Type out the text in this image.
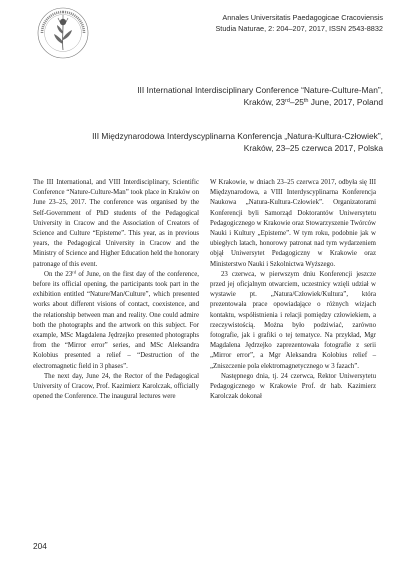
Annales Universitatis Paedagogicae Cracoviensis
Studia Naturae, 2: 204–207, 2017, ISSN 2543-8832
III International Interdisciplinary Conference “Nature-Culture-Man”,
Kraków, 23rd–25th June, 2017, Poland
III Międzynarodowa Interdyscyplinarna Konferencja „Natura-Kultura-Człowiek”,
Kraków, 23–25 czerwca 2017, Polska

The III International, and VIII Interdisciplinary, Scientific Conference “Nature-Culture-Man” took place in Kraków on June 23–25, 2017. The conference was organised by the Self-Government of PhD students of the Pedagogical University in Cracow and the Association of Creators of Science and Culture “Episteme”. This year, as in previous years, the Pedagogical University in Cracow and the Ministry of Science and Higher Education held the honorary patronage of this event.

On the 23rd of June, on the first day of the conference, before its official opening, the participants took part in the exhibition entitled “Nature/Man/Culture”, which presented works about different visions of contact, coexistence, and the relationship between man and reality. One could admire both the photographs and the artwork on this subject. For example, MSc Magdalena Jędrzejko presented photographs from the “Mirror error” series, and MSc Aleksandra Kolobius presented a relief – “Destruction of the electromagnetic field in 3 phases”.

The next day, June 24, the Rector of the Pedagogical University of Cracow, Prof. Kazimierz Karolczak, officially opened the Conference. The inaugural lectures were

W Krakowie, w dniach 23–25 czerwca 2017, odbyła się III Międzynarodowa, a VIII Interdyscyplinarna Konferencja Naukowa „Natura-Kultura-Człowiek”. Organizatorami Konferencji byli Samorząd Doktorantów Uniwersytetu Pedagogicznego w Krakowie oraz Stowarzyszenie Twórców Nauki i Kultury „Episteme”. W tym roku, podobnie jak w ubiegłych latach, honorowy patronat nad tym wydarzeniem objął Uniwersytet Pedagogiczny w Krakowie oraz Ministerstwo Nauki i Szkolnictwa Wyższego.

23 czerwca, w pierwszym dniu Konferencji jeszcze przed jej oficjalnym otwarciem, uczestnicy wzięli udział w wystawie pt. „Natura/Człowiek/Kultura”, która prezentowała prace opowiadające o różnych wizjach kontaktu, współistnienia i relacji pomiędzy człowiekiem, a rzeczywistością. Można było podziwiać, zarówno fotografie, jak i grafiki o tej tematyce. Na przykład, Mgr Magdalena Jędrzejko zaprezentowała fotografie z serii „Mirror error”, a Mgr Aleksandra Kolobius relief – „Zniszczenie pola elektromagnetycznego w 3 fazach”.

Następnego dnia, tj. 24 czerwca, Rektor Uniwersytetu Pedagogicznego w Krakowie Prof. dr hab. Kazimierz Karolczak dokonał

204
